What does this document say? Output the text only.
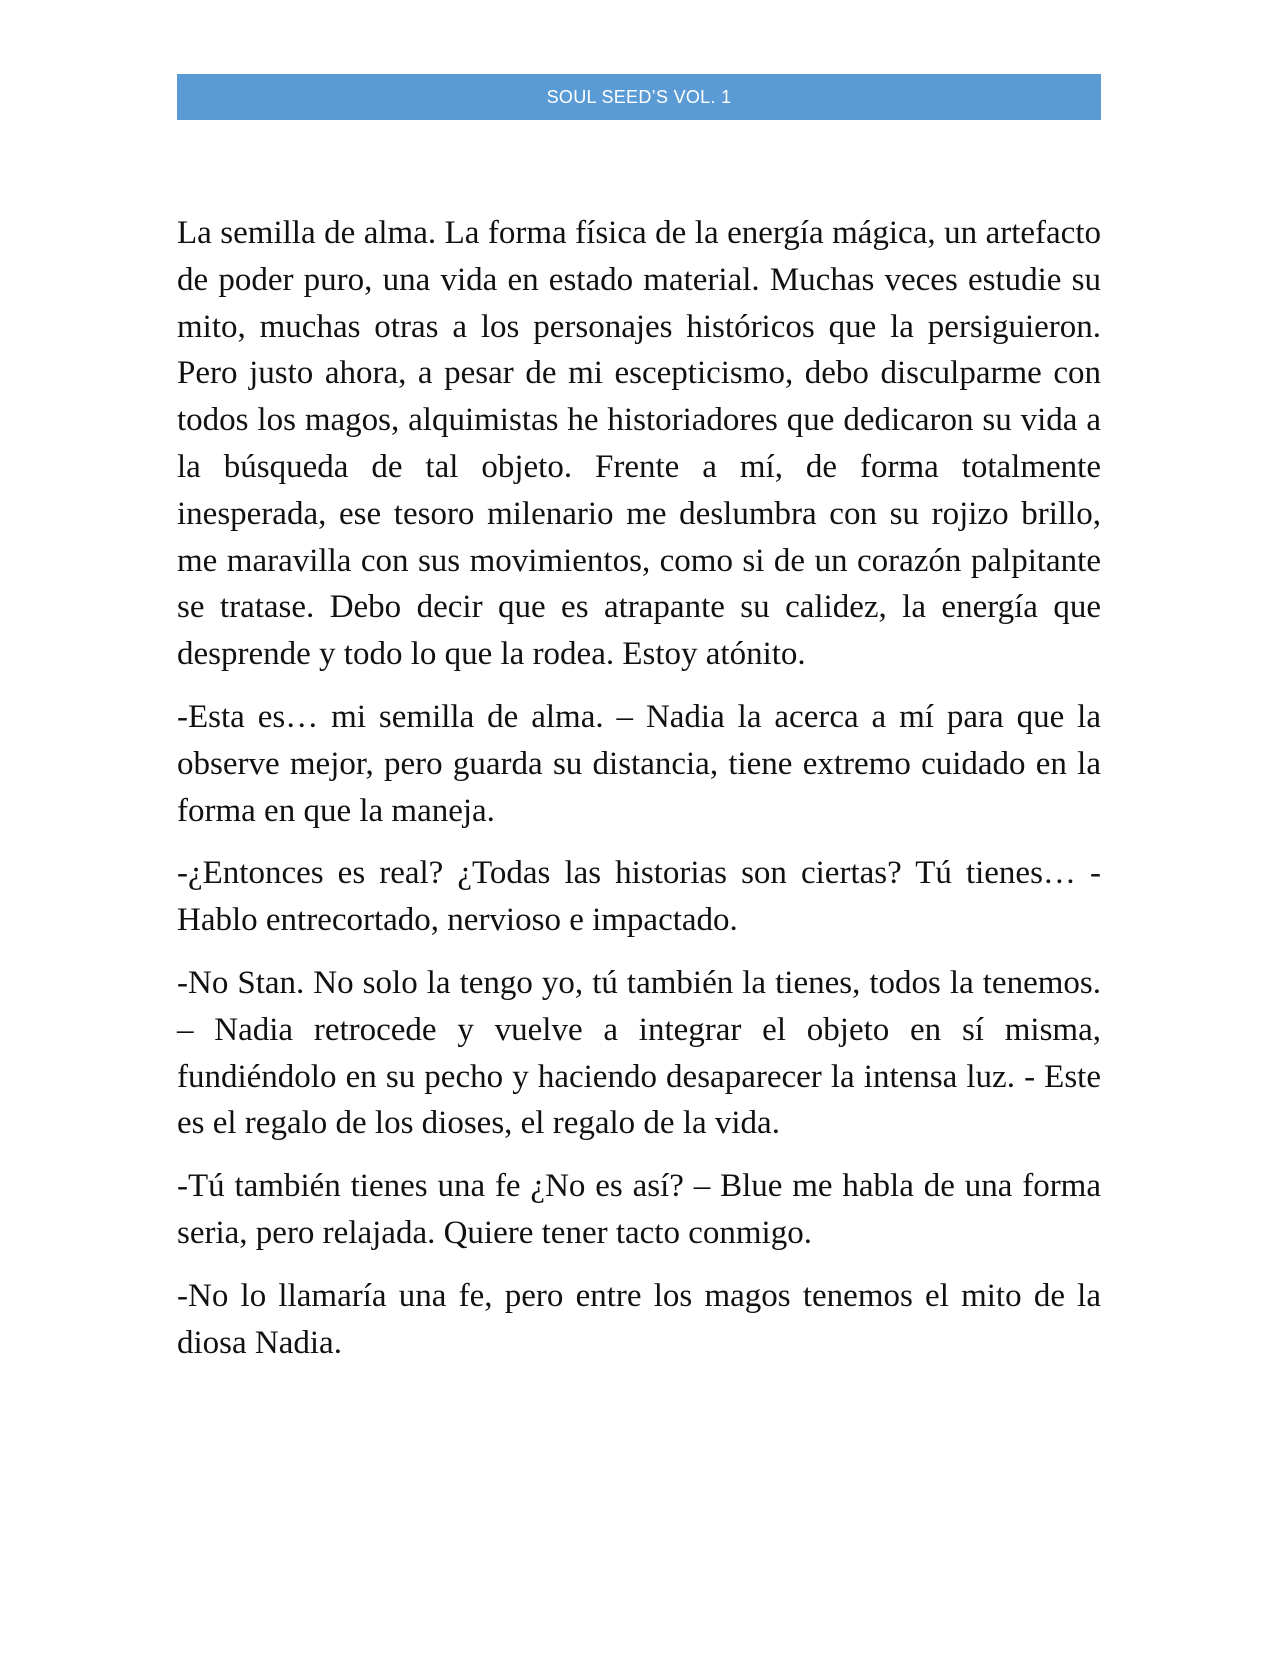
SOUL SEED’S VOL. 1

La semilla de alma. La forma física de la energía mágica, un artefacto de poder puro, una vida en estado material. Muchas veces estudie su mito, muchas otras a los personajes históricos que la persiguieron. Pero justo ahora, a pesar de mi escepticismo, debo disculparme con todos los magos, alquimistas he historiadores que dedicaron su vida a la búsqueda de tal objeto. Frente a mí, de forma totalmente inesperada, ese tesoro milenario me deslumbra con su rojizo brillo, me maravilla con sus movimientos, como si de un corazón palpitante se tratase. Debo decir que es atrapante su calidez, la energía que desprende y todo lo que la rodea. Estoy atónito.

-Esta es… mi semilla de alma. – Nadia la acerca a mí para que la observe mejor, pero guarda su distancia, tiene extremo cuidado en la forma en que la maneja.

-¿Entonces es real? ¿Todas las historias son ciertas? Tú tienes… - Hablo entrecortado, nervioso e impactado.

-No Stan. No solo la tengo yo, tú también la tienes, todos la tenemos. – Nadia retrocede y vuelve a integrar el objeto en sí misma, fundiéndolo en su pecho y haciendo desaparecer la intensa luz. - Este es el regalo de los dioses, el regalo de la vida.

-Tú también tienes una fe ¿No es así? – Blue me habla de una forma seria, pero relajada. Quiere tener tacto conmigo.

-No lo llamaría una fe, pero entre los magos tenemos el mito de la diosa Nadia.
